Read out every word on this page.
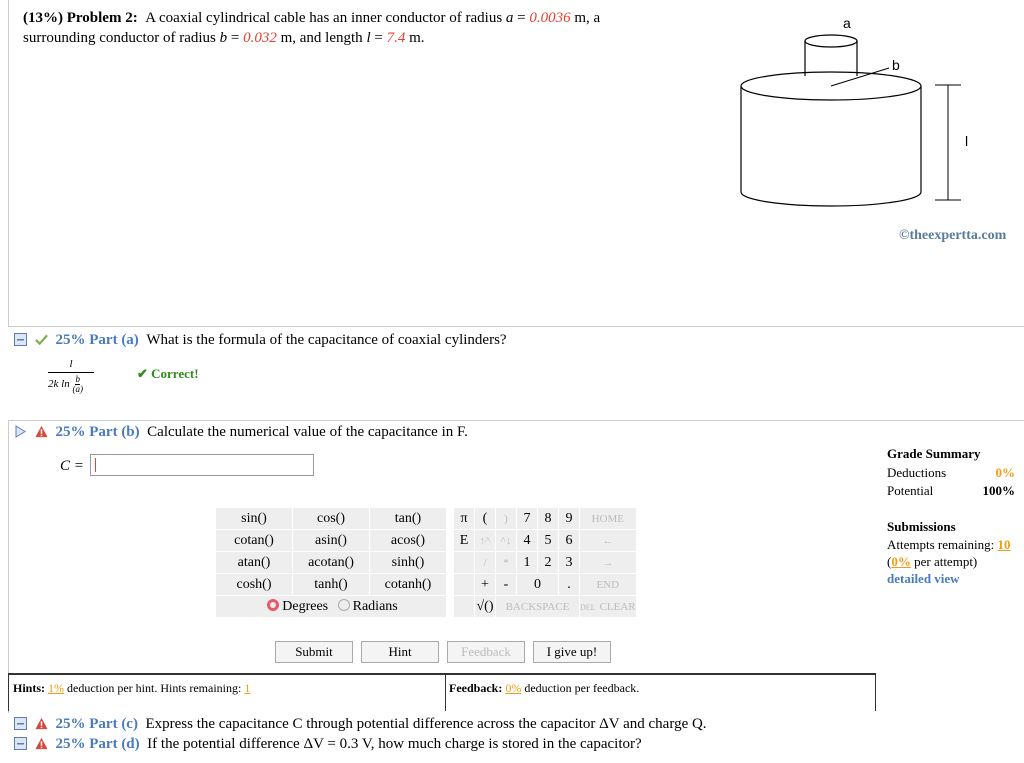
(13%) Problem 2: A coaxial cylindrical cable has an inner conductor of radius a = 0.0036 m, a
surrounding conductor of radius b = 0.032 m, and length l = 7.4 m.
a
b
l
©theexpertta.com
25% Part (a) What is the formula of the capacitance of coaxial cylinders?
$\frac{l}{2k \ln ( \frac{b}{a} )}$	✔ Correct!
25% Part (b) Calculate the numerical value of the capacitance in F.
C =
sin()	cos()	tan()		π	(	)	7	8	9	HOME
cotan()	asin()	acos()		E	↑^	^↓	4	5	6	←
atan()	acotan()	sinh()			/	*	1	2	3	→
cosh()	tanh()	cotanh()			+	-	0		.	END
Degrees Radians					√()	BACKSPACE				DEL CLEAR
Submit	Hint	Feedback	I give up!
Grade Summary
Deductions	0%
Potential	100%
Submissions
Attempts remaining: 10
(0% per attempt)
detailed view
Hints: 1% deduction per hint. Hints remaining: 1	Feedback: 0% deduction per feedback.
25% Part (c) Express the capacitance C through potential difference across the capacitor ΔV and charge Q.
25% Part (d) If the potential difference ΔV = 0.3 V, how much charge is stored in the capacitor?
